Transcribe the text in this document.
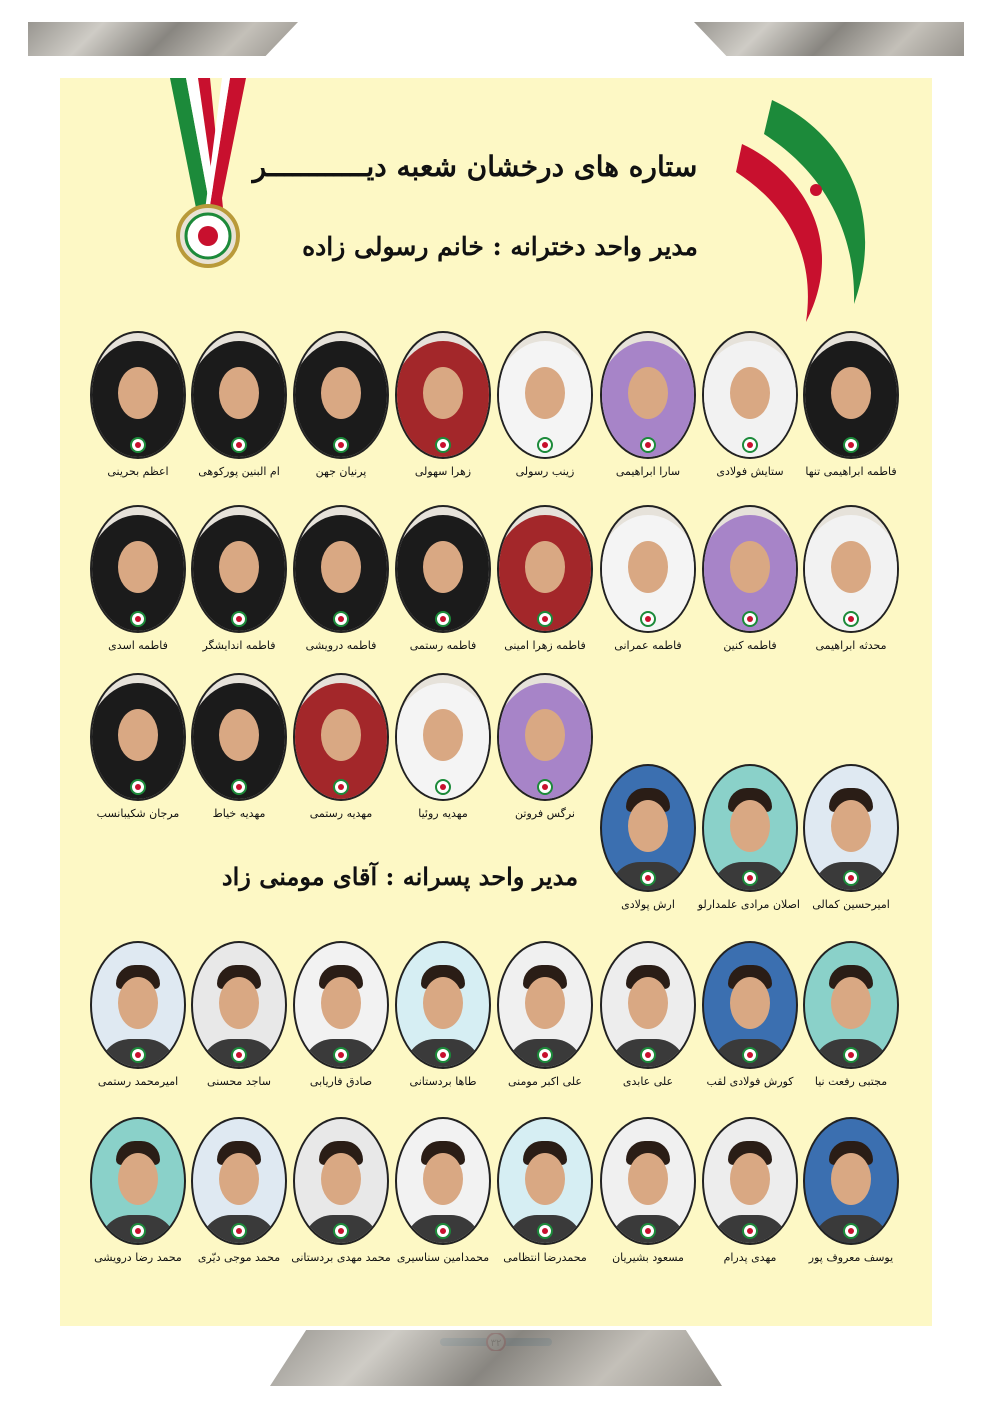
ستاره های درخشان شعبه دیــــــــــــر
مدیر واحد دخترانه : خانم رسولی زاده
مدیر واحد پسرانه : آقای مومنی زاد
فاطمه ابراهیمی تنها
ستایش فولادی
سارا ابراهیمی
زینب رسولی
زهرا سهولی
پرنیان جهن
ام البنین پورکوهی
اعظم بحرینی
محدثه ابراهیمی
فاطمه کنین
فاطمه عمرانی
فاطمه زهرا امینی
فاطمه رستمی
فاطمه درویشی
فاطمه اندایشگر
فاطمه اسدی
نرگس فروتن
مهدیه روئیا
مهدیه رستمی
مهدیه خیاط
مرجان شکیبانسب
امیرحسین کمالی
اصلان مرادی علمدارلو
ارش پولادی
مجتبی رفعت نیا
کورش فولادی لقب
علی عابدی
علی اکبر مومنی
طاها بردستانی
صادق فاریابی
ساجد محسنی
امیرمحمد رستمی
یوسف معروف پور
مهدی پدرام
مسعود بشیریان
محمدرضا انتظامی
محمدامین سناسیری
محمد مهدی بردستانی
محمد موجی دیّری
محمد رضا درویشی
